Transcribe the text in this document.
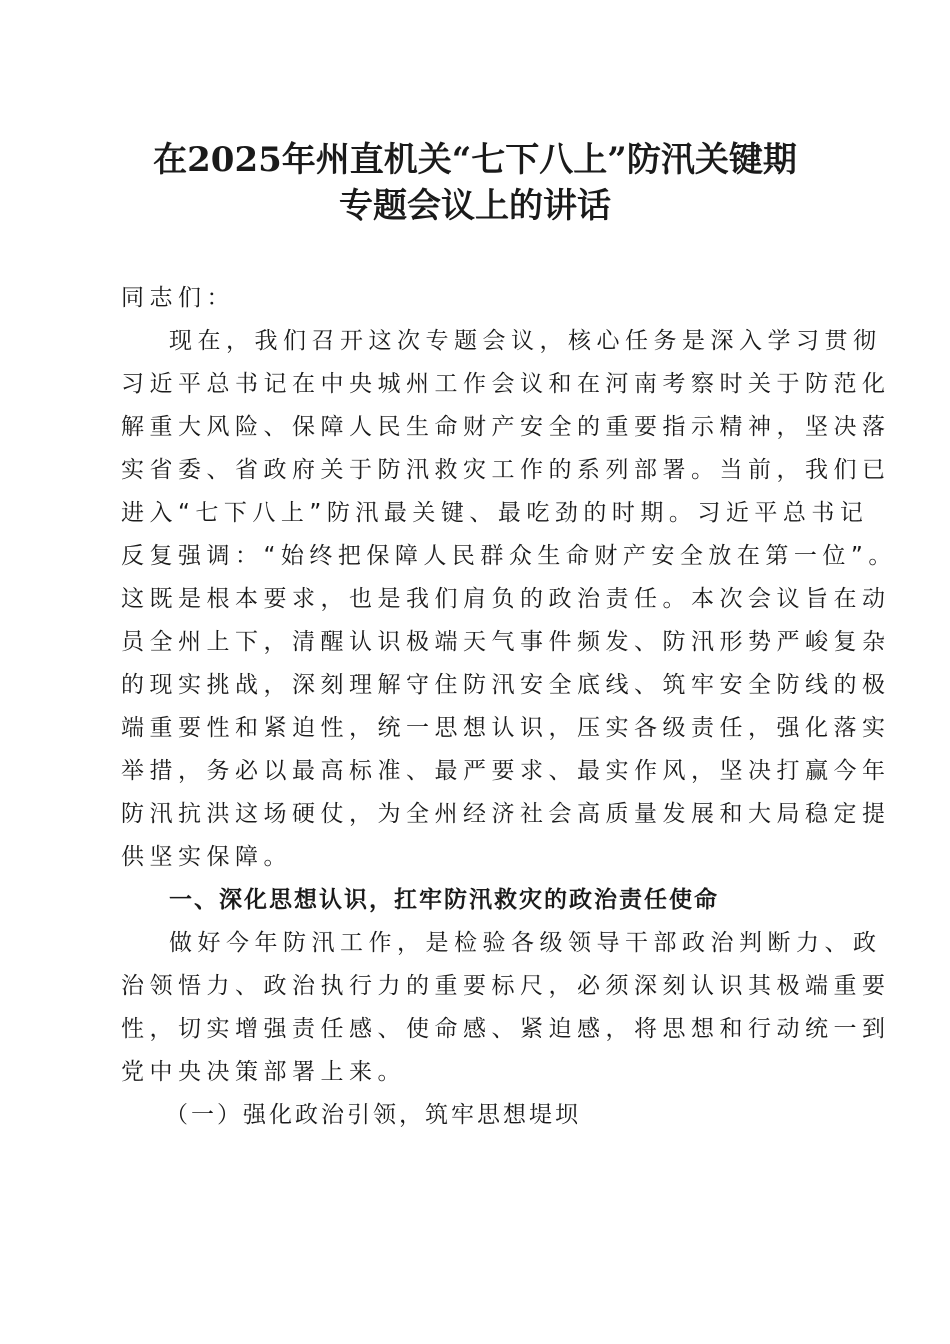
在2025年州直机关“七下八上”防汛关键期
专题会议上的讲话
同志们：
现在，我们召开这次专题会议，核心任务是深入学习贯彻
习近平总书记在中央城州工作会议和在河南考察时关于防范化
解重大风险、保障人民生命财产安全的重要指示精神，坚决落
实省委、省政府关于防汛救灾工作的系列部署。当前，我们已
进入“七下八上”防汛最关键、最吃劲的时期。习近平总书记
反复强调：“始终把保障人民群众生命财产安全放在第一位”。
这既是根本要求，也是我们肩负的政治责任。本次会议旨在动
员全州上下，清醒认识极端天气事件频发、防汛形势严峻复杂
的现实挑战，深刻理解守住防汛安全底线、筑牢安全防线的极
端重要性和紧迫性，统一思想认识，压实各级责任，强化落实
举措，务必以最高标准、最严要求、最实作风，坚决打赢今年
防汛抗洪这场硬仗，为全州经济社会高质量发展和大局稳定提
供坚实保障。
一、深化思想认识，扛牢防汛救灾的政治责任使命
做好今年防汛工作，是检验各级领导干部政治判断力、政
治领悟力、政治执行力的重要标尺，必须深刻认识其极端重要
性，切实增强责任感、使命感、紧迫感，将思想和行动统一到
党中央决策部署上来。
（一）强化政治引领，筑牢思想堤坝
